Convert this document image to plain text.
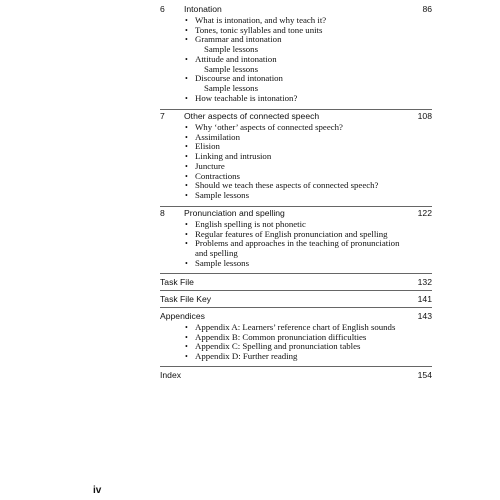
6 Intonation	86
• What is intonation, and why teach it?
• Tones, tonic syllables and tone units
• Grammar and intonation
Sample lessons
• Attitude and intonation
Sample lessons
• Discourse and intonation
Sample lessons
• How teachable is intonation?
7 Other aspects of connected speech	108
• Why ‘other’ aspects of connected speech?
• Assimilation
• Elision
• Linking and intrusion
• Juncture
• Contractions
• Should we teach these aspects of connected speech?
• Sample lessons
8 Pronunciation and spelling	122
• English spelling is not phonetic
• Regular features of English pronunciation and spelling
• Problems and approaches in the teaching of pronunciation
and spelling
• Sample lessons
Task File	132
Task File Key	141
Appendices	143
• Appendix A: Learners’ reference chart of English sounds
• Appendix B: Common pronunciation difficulties
• Appendix C: Spelling and pronunciation tables
• Appendix D: Further reading
Index	154
iv
